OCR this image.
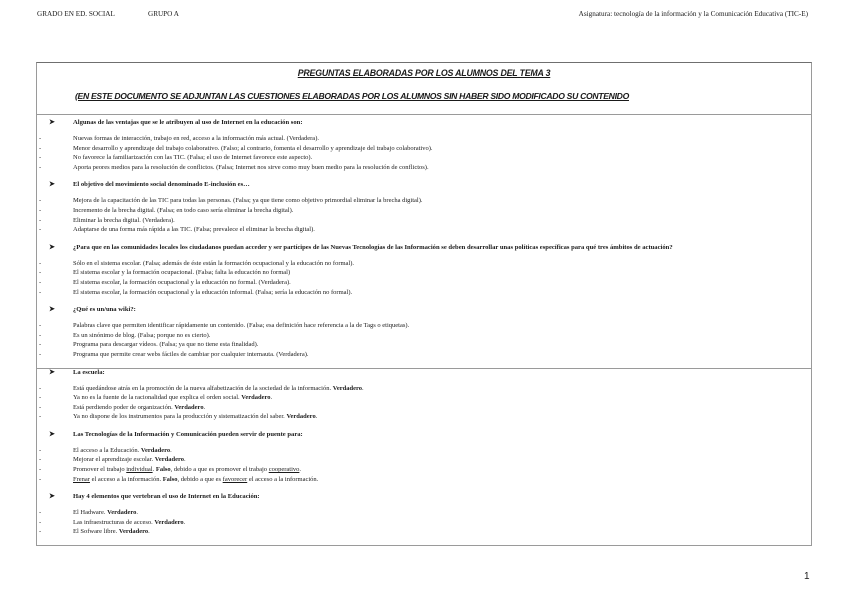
GRADO EN ED. SOCIAL	GRUPO A	Asignatura: tecnología de la información y la Comunicación Educativa (TIC-E)
PREGUNTAS ELABORADAS POR LOS ALUMNOS DEL TEMA 3
(EN ESTE DOCUMENTO SE ADJUNTAN LAS CUESTIONES ELABORADAS POR LOS ALUMNOS SIN HABER SIDO MODIFICADO SU CONTENIDO
➤	Algunas de las ventajas que se le atribuyen al uso de Internet en la educación son:
-	Nuevas formas de interacción, trabajo en red, acceso a la información más actual. (Verdadera).
-	Menor desarrollo y aprendizaje del trabajo colaborativo. (Falso; al contrario, fomenta el desarrollo y aprendizaje del trabajo colaborativo).
-	No favorece la familiarización con las TIC. (Falsa; el uso de Internet favorece este aspecto).
-	Aporta peores medios para la resolución de conflictos. (Falsa; Internet nos sirve como muy buen medio para la resolución de conflictos).
➤	El objetivo del movimiento social denominado E-inclusión es…
-	Mejora de la capacitación de las TIC para todas las personas. (Falsa; ya que tiene como objetivo primordial eliminar la brecha digital).
-	Incremento de la brecha digital. (Falsa; en todo caso sería eliminar la brecha digital).
-	Eliminar la brecha digital. (Verdadera).
-	Adaptarse de una forma más rápida a las TIC. (Falsa; prevalece el eliminar la brecha digital).
➤	¿Para que en las comunidades locales los ciudadanos puedan acceder y ser partícipes de las Nuevas Tecnologías de las Información se deben desarrollar unas políticas específicas para qué tres ámbitos de actuación?
-	Sólo en el sistema escolar. (Falsa; además de éste están la formación ocupacional y la educación no formal).
-	El sistema escolar y la formación ocupacional. (Falsa; falta la educación no formal)
-	El sistema escolar, la formación ocupacional y la educación no formal. (Verdadera).
-	El sistema escolar, la formación ocupacional y la educación informal. (Falsa; sería la educación no formal).
➤	¿Qué es un/una wiki?:
-	Palabras clave que permiten identificar rápidamente un contenido. (Falsa; esa definición hace referencia a la de Tags o etiquetas).
-	Es un sinónimo de blog. (Falsa; porque no es cierto).
-	Programa para descargar vídeos. (Falsa; ya que no tiene esta finalidad).
-	Programa que permite crear webs fáciles de cambiar por cualquier internauta. (Verdadera).
➤	La escuela:
-	Está quedándose atrás en la promoción de la nueva alfabetización de la sociedad de la información. Verdadero.
-	Ya no es la fuente de la racionalidad que explica el orden social. Verdadero.
-	Está perdiendo poder de organización. Verdadero.
-	Ya no dispone de los instrumentos para la producción y sistematización del saber. Verdadero.
➤	Las Tecnologías de la Información y Comunicación pueden servir de puente para:
-	El acceso a la Educación. Verdadero.
-	Mejorar el aprendizaje escolar. Verdadero.
-	Promover el trabajo individual. Falso, debido a que es promover el trabajo cooperativo.
-	Frenar el acceso a la información. Falso, debido a que es favorecer el acceso a la información.
➤	Hay 4 elementos que vertebran el uso de Internet en la Educación:
-	El Hadware. Verdadero.
-	Las infraestructuras de acceso. Verdadero.
-	El Sofware libre. Verdadero.
1
